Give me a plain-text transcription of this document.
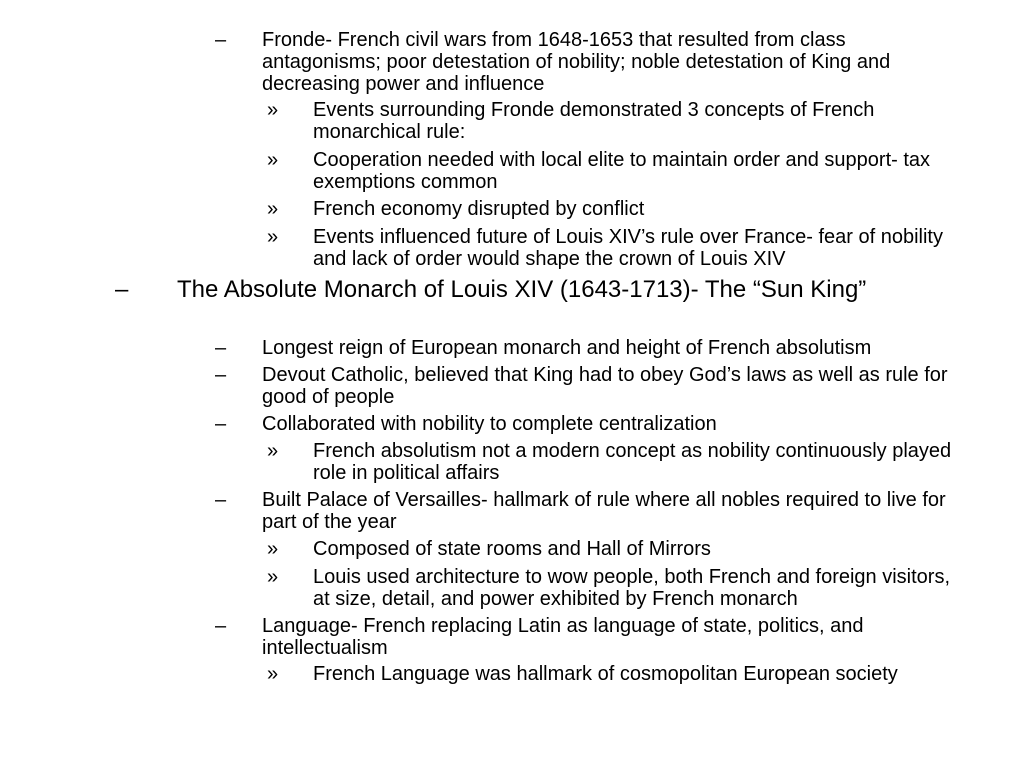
– Fronde- French civil wars from 1648-1653 that resulted from class antagonisms; poor detestation of nobility; noble detestation of King and decreasing power and influence
» Events surrounding Fronde demonstrated 3 concepts of French monarchical rule:
» Cooperation needed with local elite to maintain order and support- tax exemptions common
» French economy disrupted by conflict
» Events influenced future of Louis XIV’s rule over France- fear of nobility and lack of order would shape the crown of Louis XIV
– The Absolute Monarch of Louis XIV (1643-1713)- The “Sun King”
– Longest reign of European monarch and height of French absolutism
– Devout Catholic, believed that King had to obey God’s laws as well as rule for good of people
– Collaborated with nobility to complete centralization
» French absolutism not a modern concept as nobility continuously played role in political affairs
– Built Palace of Versailles- hallmark of rule where all nobles required to live for part of the year
» Composed of state rooms and Hall of Mirrors
» Louis used architecture to wow people, both French and foreign visitors, at size, detail, and power exhibited by French monarch
– Language- French replacing Latin as language of state, politics, and intellectualism
» French Language was hallmark of cosmopolitan European society
